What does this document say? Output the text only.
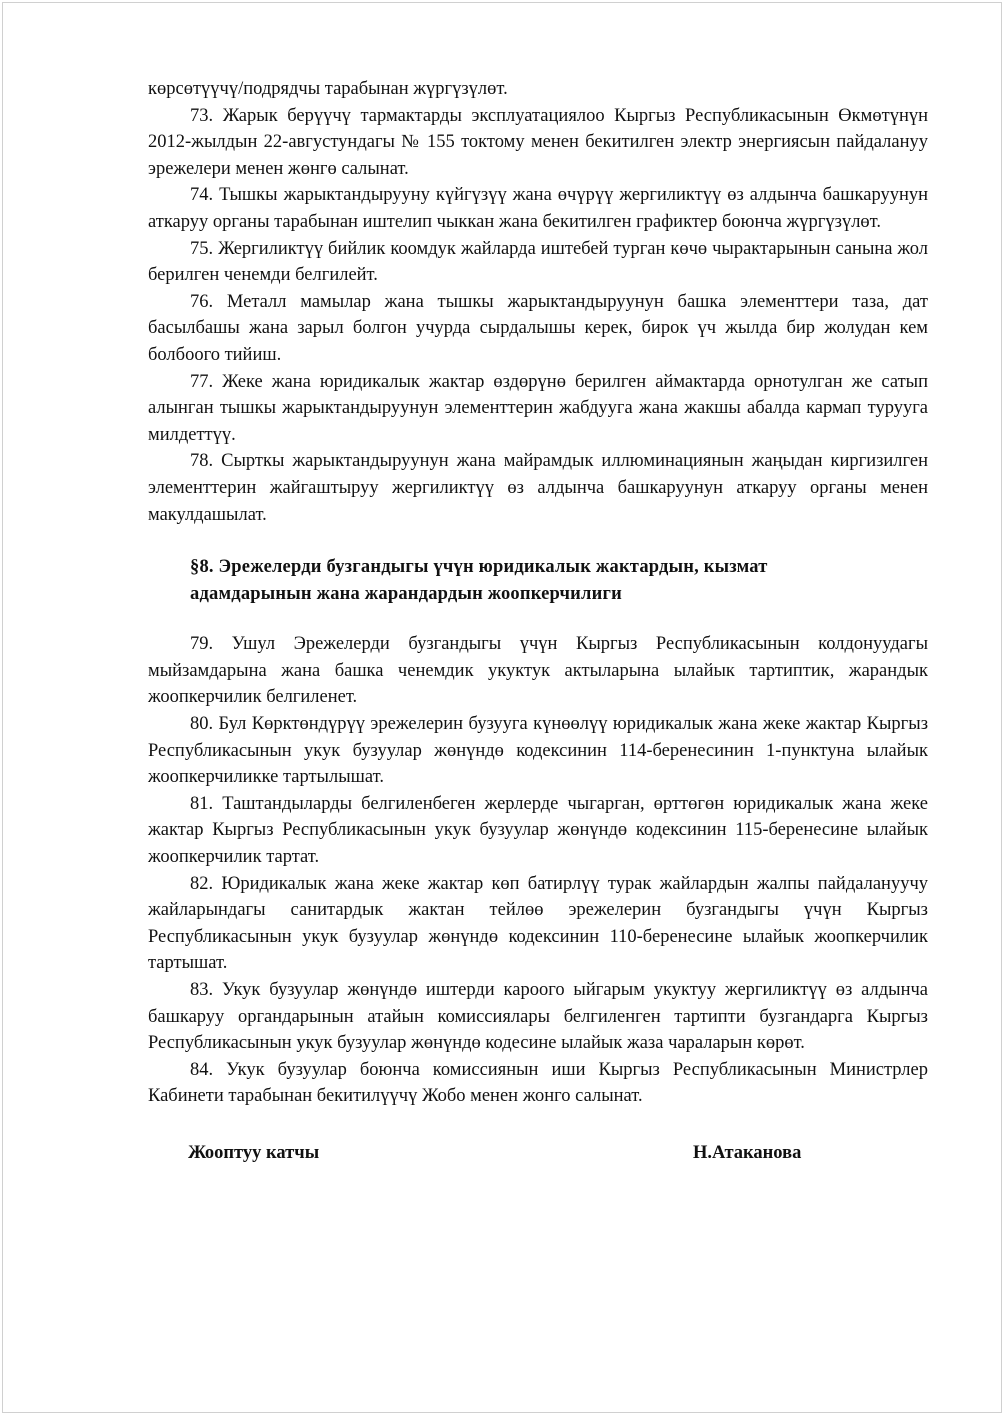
көрсөтүүчү/подрядчы тарабынан жүргүзүлөт.

73. Жарык берүүчү тармактарды эксплуатациялоо Кыргыз Республикасынын Өкмөтүнүн 2012-жылдын 22-августундагы № 155 токтому менен бекитилген электр энергиясын пайдалануу эрежелери менен жөнгө салынат.

74. Тышкы жарыктандырууну күйгүзүү жана өчүрүү жергиликтүү өз алдынча башкаруунун аткаруу органы тарабынан иштелип чыккан жана бекитилген графиктер боюнча жүргүзүлөт.

75. Жергиликтүү бийлик коомдук жайларда иштебей турган көчө чырактарынын санына жол берилген ченемди белгилейт.

76. Металл мамылар жана тышкы жарыктандыруунун башка элементтери таза, дат басылбашы жана зарыл болгон учурда сырдалышы керек, бирок үч жылда бир жолудан кем болбоого тийиш.

77. Жеке жана юридикалык жактар өздөрүнө берилген аймактарда орнотулган же сатып алынган тышкы жарыктандыруунун элементтерин жабдууга жана жакшы абалда кармап турууга милдеттүү.

78. Сырткы жарыктандыруунун жана майрамдык иллюминациянын жаңыдан киргизилген элементтерин жайгаштыруу жергиликтүү өз алдынча башкаруунун аткаруу органы менен макулдашылат.

§8. Эрежелерди бузгандыгы үчүн юридикалык жактардын, кызмат
адамдарынын жана жарандардын жоопкерчилиги

79. Ушул Эрежелерди бузгандыгы үчүн Кыргыз Республикасынын колдонуудагы мыйзамдарына жана башка ченемдик укуктук актыларына ылайык тартиптик, жарандык жоопкерчилик белгиленет.

80. Бул Көрктөндүрүү эрежелерин бузууга күнөөлүү юридикалык жана жеке жактар Кыргыз Республикасынын укук бузуулар жөнүндө кодексинин 114-беренесинин 1-пунктуна ылайык жоопкерчиликке тартылышат.

81. Таштандыларды белгиленбеген жерлерде чыгарган, өрттөгөн юридикалык жана жеке жактар Кыргыз Республикасынын укук бузуулар жөнүндө кодексинин 115-беренесине ылайык жоопкерчилик тартат.

82. Юридикалык жана жеке жактар көп батирлүү турак жайлардын жалпы пайдалануучу жайларындагы санитардык жактан тейлөө эрежелерин бузгандыгы үчүн Кыргыз Республикасынын укук бузуулар жөнүндө кодексинин 110-беренесине ылайык жоопкерчилик тартышат.

83. Укук бузуулар жөнүндө иштерди кароого ыйгарым укуктуу жергиликтүү өз алдынча башкаруу органдарынын атайын комиссиялары белгиленген тартипти бузгандарга Кыргыз Республикасынын укук бузуулар жөнүндө кодесине ылайык жаза чараларын көрөт.

84. Укук бузуулар боюнча комиссиянын иши Кыргыз Республикасынын Министрлер Кабинети тарабынан бекитилүүчү Жобо менен жонго салынат.

Жооптуу катчы	Н.Атаканова
